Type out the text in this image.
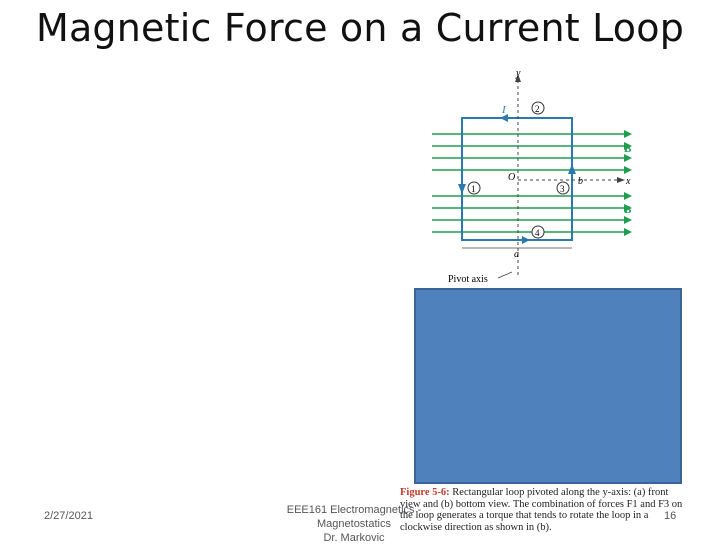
Magnetic Force on a Current Loop
y
x
O
I
B
B
a
b
1
2
3
4
Pivot axis
Figure 5-6: Rectangular loop pivoted along the y-axis: (a) front view and (b) bottom view. The combination of forces F1 and F3 on the loop generates a torque that tends to rotate the loop in a clockwise direction as shown in (b).
2/27/2021	EEE161 Electromagnetics - Magnetostatics
Dr. Markovic
16
